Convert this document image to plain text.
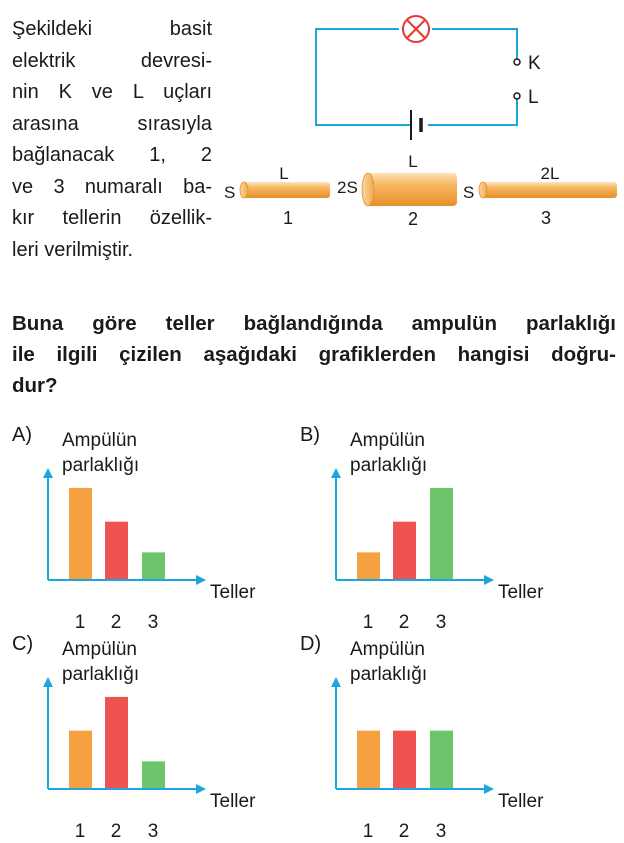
Şekildeki basit
elektrik devresi-
nin K ve L uçları
arasına sırasıyla
bağlanacak 1, 2
ve 3 numaralı ba-
kır tellerin özellik-
leri verilmiştir.
K
L
S
L
1
2S
L
2
S
2L
3
Buna göre teller bağlandığında ampulün parlaklığı
ile ilgili çizilen aşağıdaki grafiklerden hangisi doğru-
dur?
A) Ampülün
parlaklığı
Teller
1 2 3
B) Ampülün
parlaklığı
Teller
1 2 3
C) Ampülün
parlaklığı
Teller
1 2 3
D) Ampülün
parlaklığı
Teller
1 2 3
